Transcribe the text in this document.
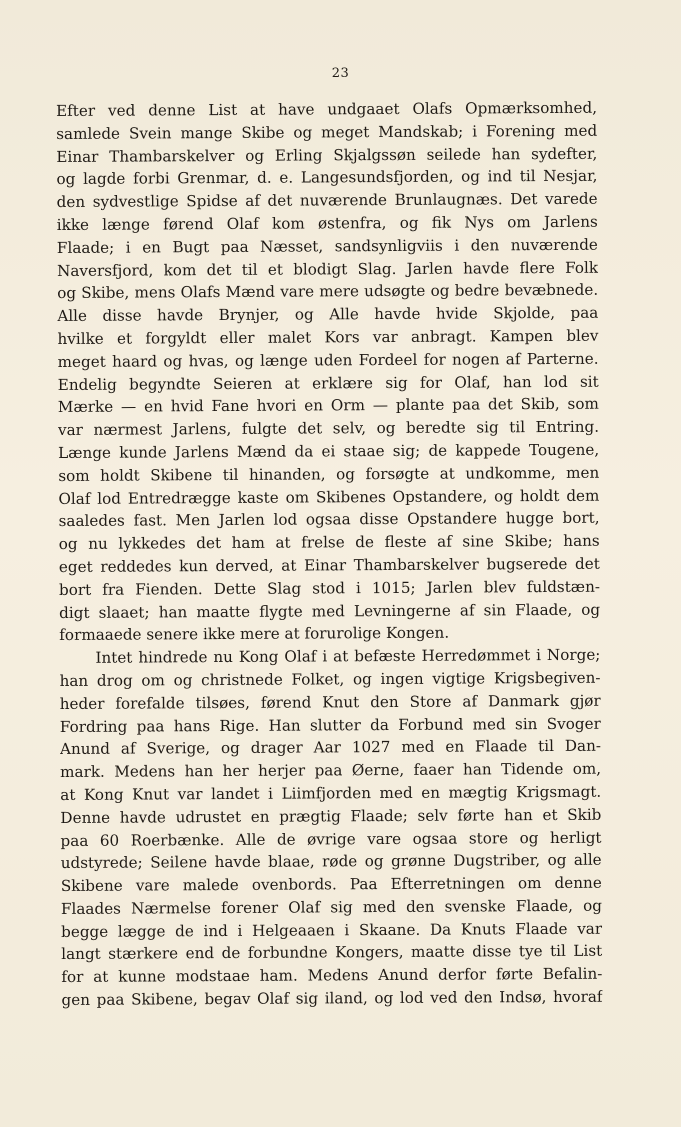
23
Efter ved denne List at have undgaaet Olafs Opmærksomhed,
samlede Svein mange Skibe og meget Mandskab; i Forening med
Einar Thambarskelver og Erling Skjalgssøn seilede han sydefter,
og lagde forbi Grenmar, d. e. Langesundsfjorden, og ind til Nesjar,
den sydvestlige Spidse af det nuværende Brunlaugnæs. Det varede
ikke længe førend Olaf kom østenfra, og fik Nys om Jarlens
Flaade; i en Bugt paa Næsset, sandsynligviis i den nuværende
Naversfjord, kom det til et blodigt Slag. Jarlen havde flere Folk
og Skibe, mens Olafs Mænd vare mere udsøgte og bedre bevæbnede.
Alle disse havde Brynjer, og Alle havde hvide Skjolde, paa
hvilke et forgyldt eller malet Kors var anbragt. Kampen blev
meget haard og hvas, og længe uden Fordeel for nogen af Parterne.
Endelig begyndte Seieren at erklære sig for Olaf, han lod sit
Mærke — en hvid Fane hvori en Orm — plante paa det Skib, som
var nærmest Jarlens, fulgte det selv, og beredte sig til Entring.
Længe kunde Jarlens Mænd da ei staae sig; de kappede Tougene,
som holdt Skibene til hinanden, og forsøgte at undkomme, men
Olaf lod Entredrægge kaste om Skibenes Opstandere, og holdt dem
saaledes fast. Men Jarlen lod ogsaa disse Opstandere hugge bort,
og nu lykkedes det ham at frelse de fleste af sine Skibe; hans
eget reddedes kun derved, at Einar Thambarskelver bugserede det
bort fra Fienden. Dette Slag stod i 1015; Jarlen blev fuldstæn-
digt slaaet; han maatte flygte med Levningerne af sin Flaade, og
formaaede senere ikke mere at forurolige Kongen.
Intet hindrede nu Kong Olaf i at befæste Herredømmet i Norge;
han drog om og christnede Folket, og ingen vigtige Krigsbegiven-
heder forefalde tilsøes, førend Knut den Store af Danmark gjør
Fordring paa hans Rige. Han slutter da Forbund med sin Svoger
Anund af Sverige, og drager Aar 1027 med en Flaade til Dan-
mark. Medens han her herjer paa Øerne, faaer han Tidende om,
at Kong Knut var landet i Liimfjorden med en mægtig Krigsmagt.
Denne havde udrustet en prægtig Flaade; selv førte han et Skib
paa 60 Roerbænke. Alle de øvrige vare ogsaa store og herligt
udstyrede; Seilene havde blaae, røde og grønne Dugstriber, og alle
Skibene vare malede ovenbords. Paa Efterretningen om denne
Flaades Nærmelse forener Olaf sig med den svenske Flaade, og
begge lægge de ind i Helgeaaen i Skaane. Da Knuts Flaade var
langt stærkere end de forbundne Kongers, maatte disse tye til List
for at kunne modstaae ham. Medens Anund derfor førte Befalin-
gen paa Skibene, begav Olaf sig iland, og lod ved den Indsø, hvoraf
